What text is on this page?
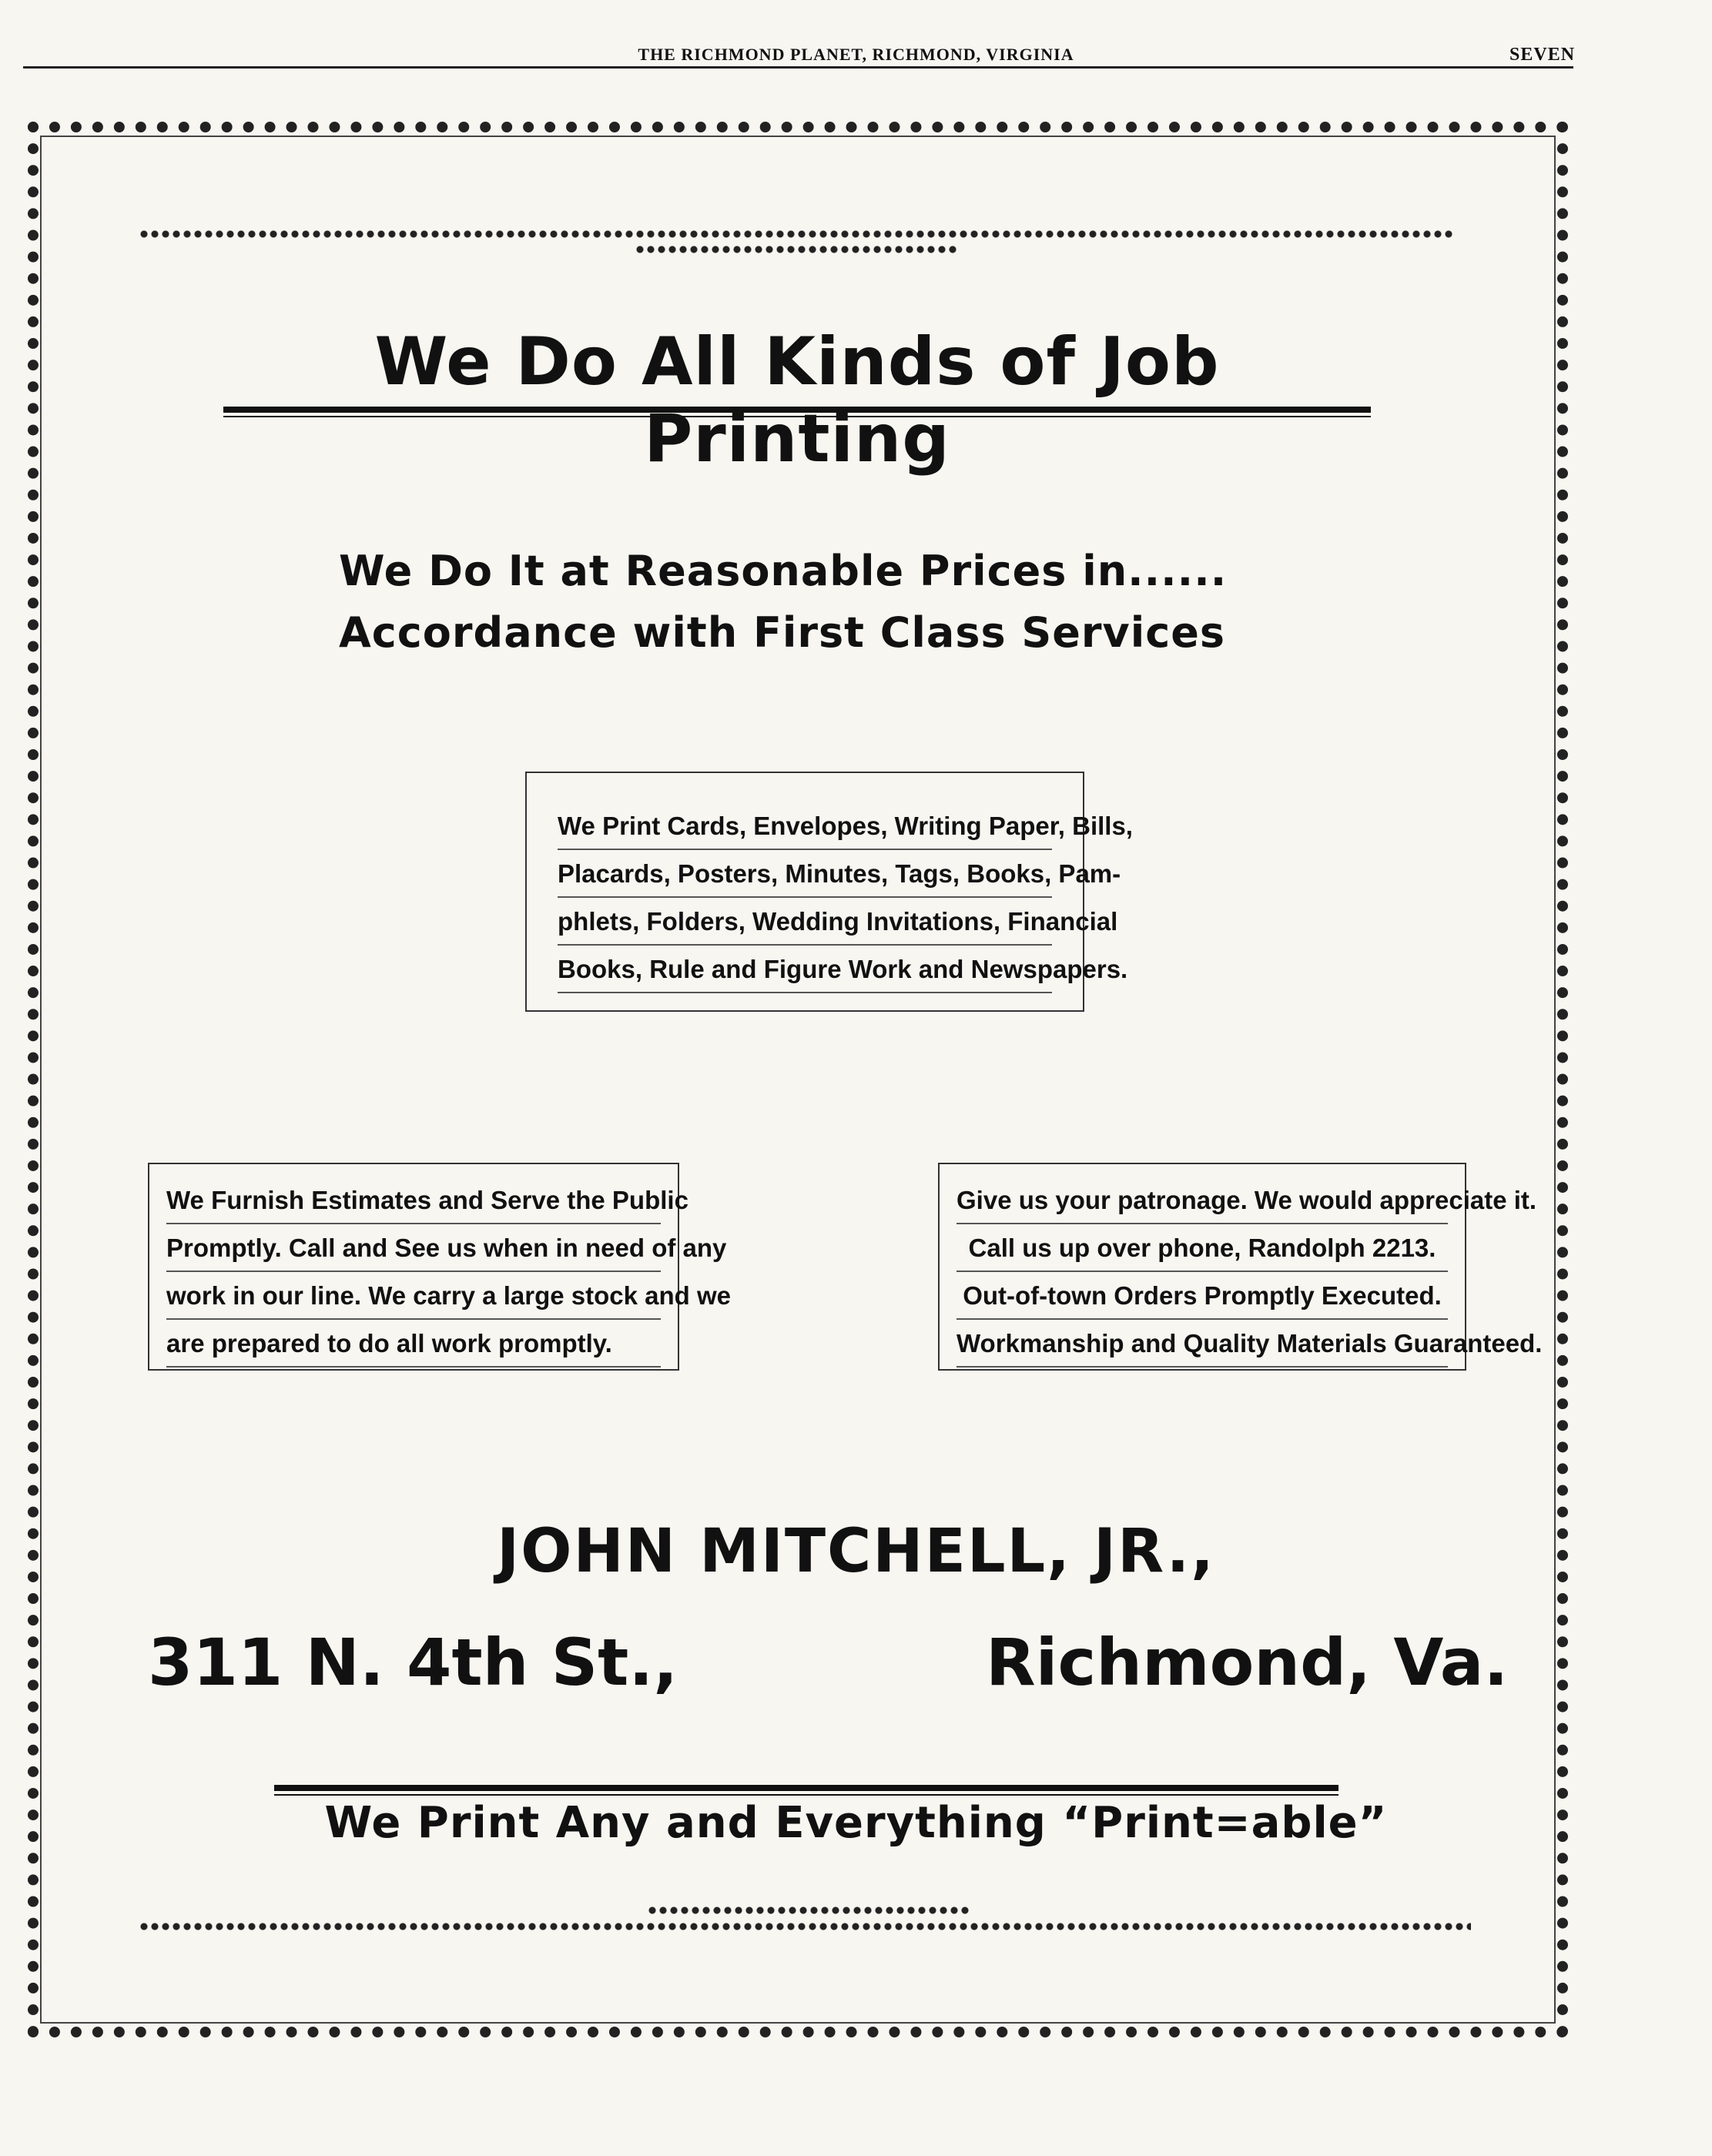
THE RICHMOND PLANET, RICHMOND, VIRGINIA	SEVEN
We Do All Kinds of Job Printing
We Do It at Reasonable Prices in......
Accordance with First Class Services
We Print Cards, Envelopes, Writing Paper, Bills,
Placards, Posters, Minutes, Tags, Books, Pam-
phlets, Folders, Wedding Invitations, Financial
Books, Rule and Figure Work and Newspapers.
We Furnish Estimates and Serve the Public
Promptly. Call and See us when in need of any
work in our line. We carry a large stock and we
are prepared to do all work promptly.
Give us your patronage. We would appreciate it.
Call us up over phone, Randolph 2213.
Out-of-town Orders Promptly Executed.
Workmanship and Quality Materials Guaranteed.
JOHN MITCHELL, JR.,
311 N. 4th St.,	Richmond, Va.
We Print Any and Everything “Print=able”
